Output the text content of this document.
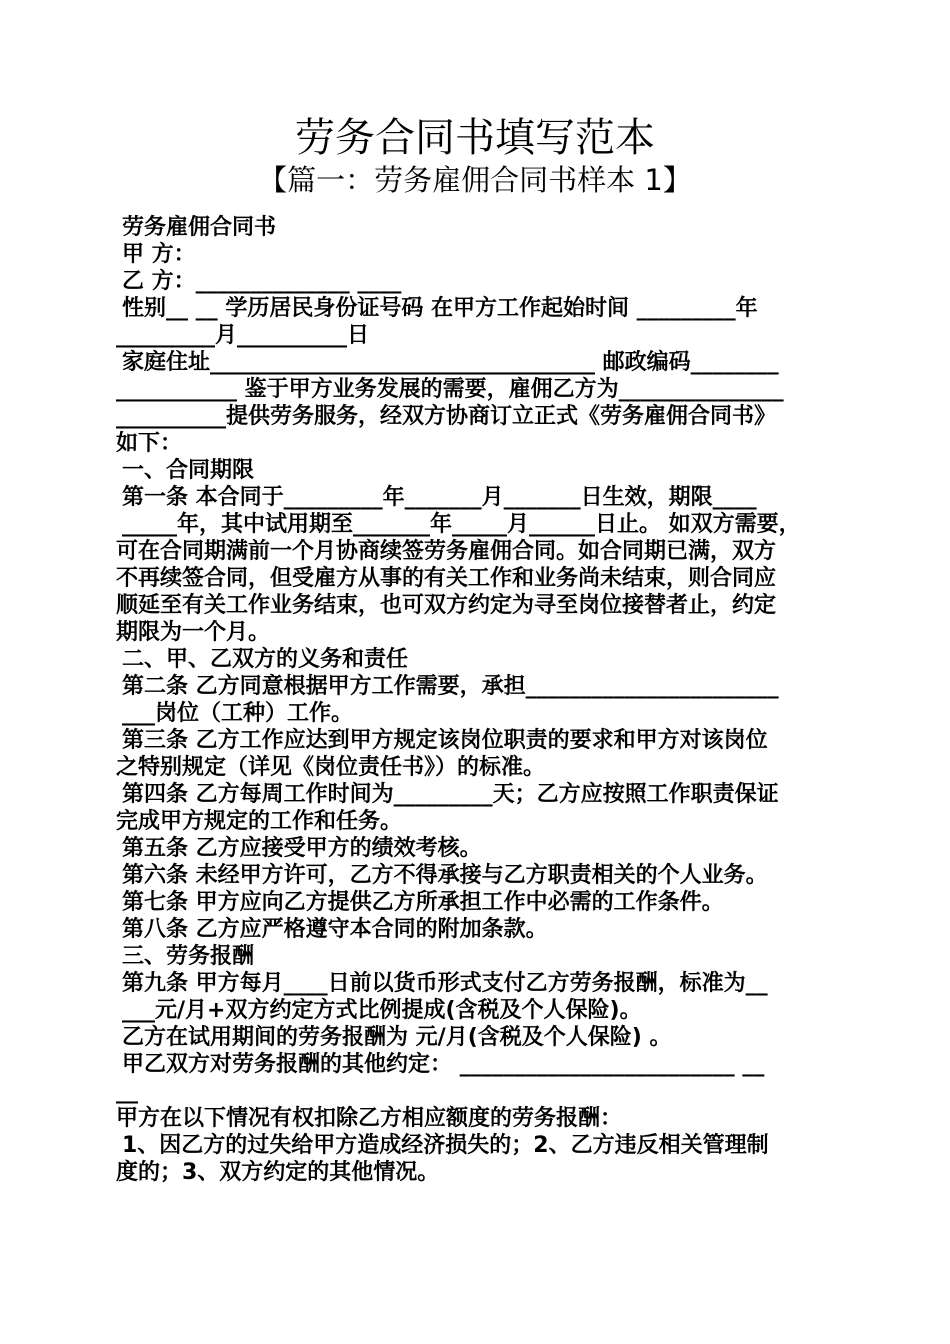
劳务合同书填写范本
【篇一：劳务雇佣合同书样本 1】
劳务雇佣合同书
甲 方：
乙 方：______________ ____
性别__ __ 学历居民身份证号码 在甲方工作起始时间 _________年
_________月__________日
家庭住址___________________________________ 邮政编码________
___________ 鉴于甲方业务发展的需要，雇佣乙方为_______________
__________提供劳务服务，经双方协商订立正式《劳务雇佣合同书》
如下：
一、合同期限
第一条 本合同于_________年_______月_______日生效，期限____
_____年，其中试用期至_______年_____月______日止。 如双方需要，
可在合同期满前一个月协商续签劳务雇佣合同。如合同期已满，双方
不再续签合同，但受雇方从事的有关工作和业务尚未结束，则合同应
顺延至有关工作业务结束，也可双方约定为寻至岗位接替者止，约定
期限为一个月。
二、甲、乙双方的义务和责任
第二条 乙方同意根据甲方工作需要，承担_______________________
___岗位（工种）工作。
第三条 乙方工作应达到甲方规定该岗位职责的要求和甲方对该岗位
之特别规定（详见《岗位责任书》）的标准。
第四条 乙方每周工作时间为_________天；乙方应按照工作职责保证
完成甲方规定的工作和任务。
第五条 乙方应接受甲方的绩效考核。
第六条 未经甲方许可，乙方不得承接与乙方职责相关的个人业务。
第七条 甲方应向乙方提供乙方所承担工作中必需的工作条件。
第八条 乙方应严格遵守本合同的附加条款。
三、劳务报酬
第九条 甲方每月____日前以货币形式支付乙方劳务报酬，标准为__
___元/月+双方约定方式比例提成(含税及个人保险)。
乙方在试用期间的劳务报酬为 元/月(含税及个人保险) 。
甲乙双方对劳务报酬的其他约定： _________________________ __
__
甲方在以下情况有权扣除乙方相应额度的劳务报酬：
1、因乙方的过失给甲方造成经济损失的；2、乙方违反相关管理制
度的；3、双方约定的其他情况。
